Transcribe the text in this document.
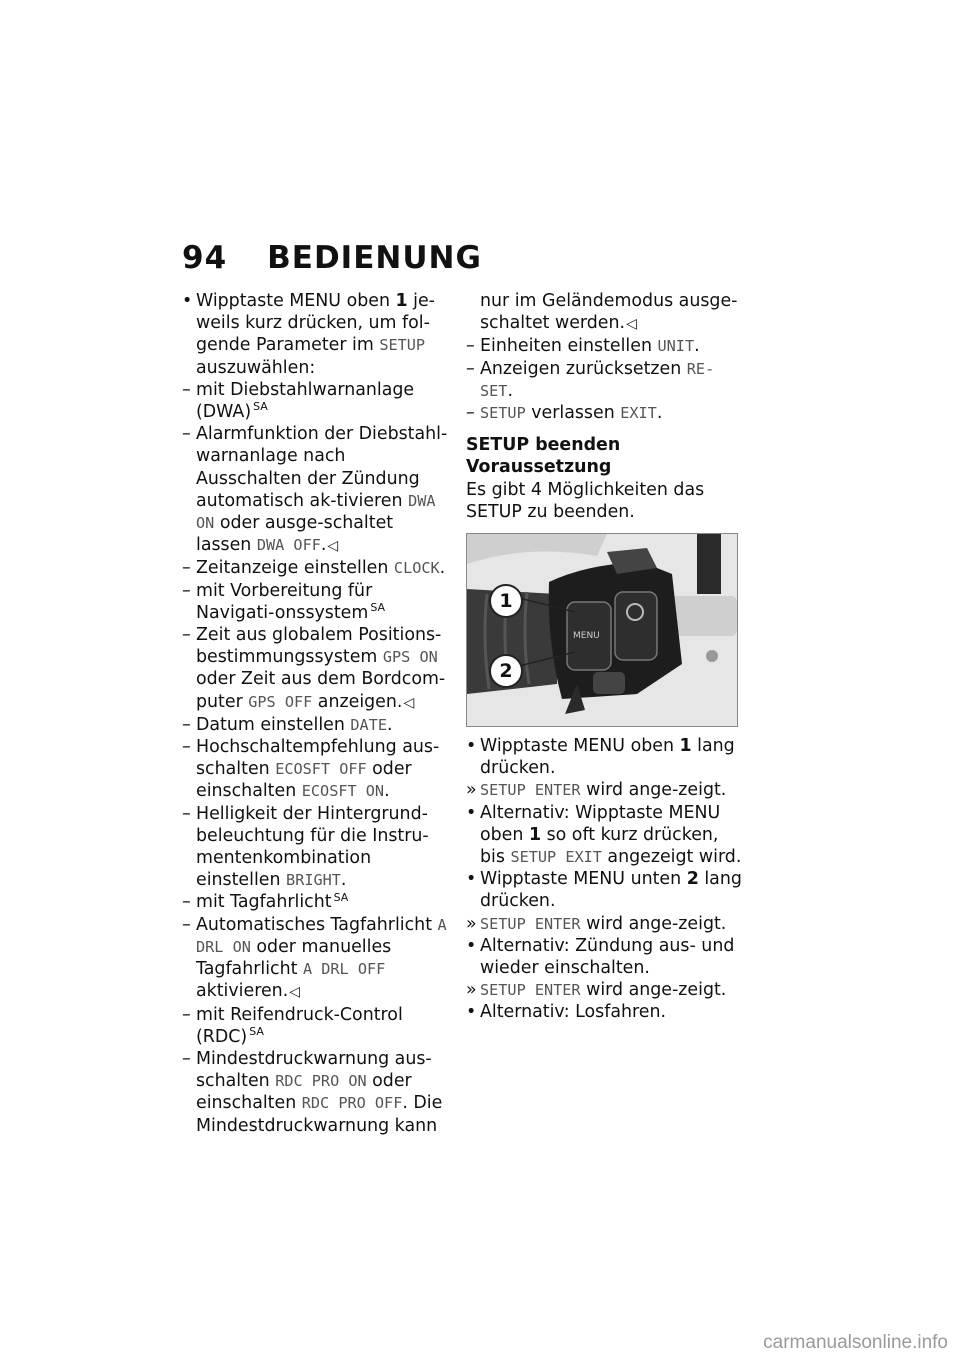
94 BEDIENUNG
• Wipptaste MENU oben 1 je-weils kurz drücken, um fol-gende Parameter im SETUP auszuwählen:
– mit Diebstahlwarnanlage (DWA) $^{SA}$
– Alarmfunktion der Diebstahl-warnanlage nach Ausschalten der Zündung automatisch ak-tivieren DWA ON oder ausge-schaltet lassen DWA OFF.◁
– Zeitanzeige einstellen CLOCK.
– mit Vorbereitung für Navigati-onssystem $^{SA}$
– Zeit aus globalem Positions-bestimmungssystem GPS ON oder Zeit aus dem Bordcom-puter GPS OFF anzeigen.◁
– Datum einstellen DATE.
– Hochschaltempfehlung aus-schalten ECOSFT OFF oder einschalten ECOSFT ON.
– Helligkeit der Hintergrund-beleuchtung für die Instru-mentenkombination einstellen BRIGHT.
– mit Tagfahrlicht $^{SA}$
– Automatisches Tagfahrlicht A DRL ON oder manuelles Tagfahrlicht A DRL OFF aktivieren.◁
– mit Reifendruck-Control (RDC) $^{SA}$
– Mindestdruckwarnung aus-schalten RDC PRO ON oder einschalten RDC PRO OFF. Die Mindestdruckwarnung kann
nur im Geländemodus ausge-schaltet werden.◁
– Einheiten einstellen UNIT.
– Anzeigen zurücksetzen RE-SET.
– SETUP verlassen EXIT.
SETUP beenden
Voraussetzung
Es gibt 4 Möglichkeiten das SETUP zu beenden.
MENU
1
2
• Wipptaste MENU oben 1 lang drücken.
» SETUP ENTER wird ange-zeigt.
• Alternativ: Wipptaste MENU oben 1 so oft kurz drücken, bis SETUP EXIT angezeigt wird.
• Wipptaste MENU unten 2 lang drücken.
» SETUP ENTER wird ange-zeigt.
• Alternativ: Zündung aus- und wieder einschalten.
» SETUP ENTER wird ange-zeigt.
• Alternativ: Losfahren.
carmanualsonline.info
